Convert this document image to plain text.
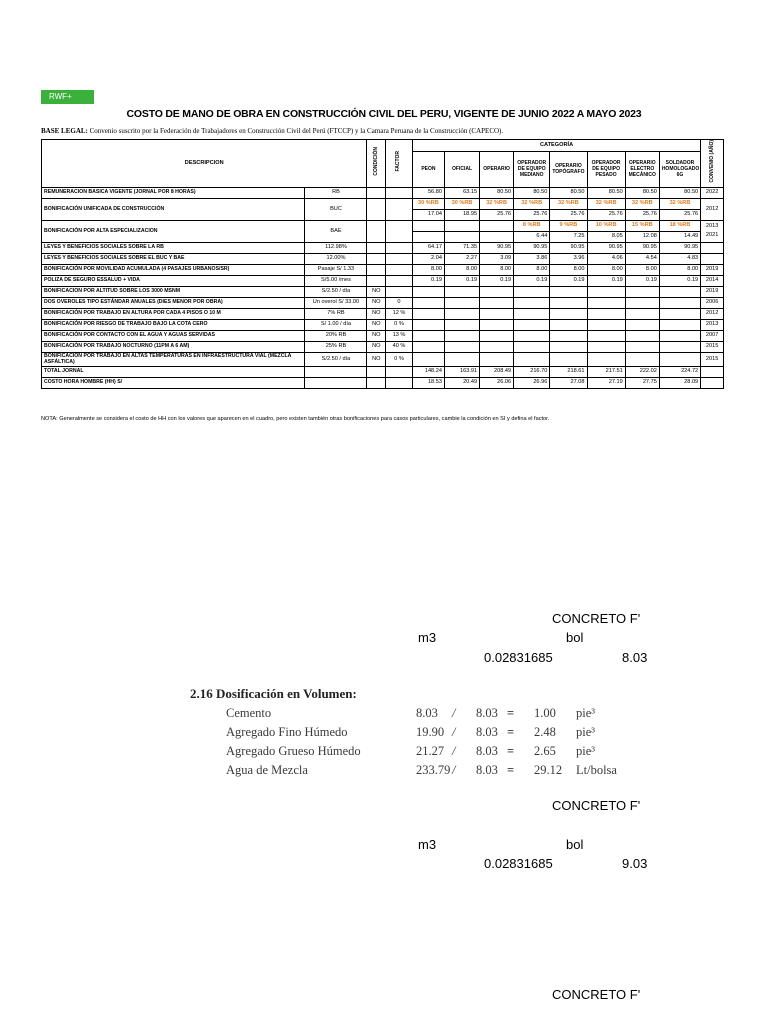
RWF+
COSTO DE MANO DE OBRA EN CONSTRUCCIÓN CIVIL DEL PERU, VIGENTE DE JUNIO 2022 A MAYO 2023
BASE LEGAL: Convenio suscrito por la Federación de Trabajadores en Construcción Civil del Perú (FTCCP) y la Camara Peruana de la Construcción (CAPECO).
DESCRIPCION		CONDICIÓN	FACTOR	CATEGORÍA								CONVENIO (AÑO)
				PEON	OFICIAL	OPERARIO	OPERADOR DE EQUIPO MEDIANO	OPERARIO TOPÓGRAFO	OPERADOR DE EQUIPO PESADO	OPERARIO ELECTRO MECÁNICO	SOLDADOR HOMOLOGADO 6G	
REMUNERACION BASICA VIGENTE (JORNAL POR 8 HORAS)	RB			56.80	63.15	80.50	80.50	80.50	80.50	80.50	80.50	2022
BONIFICACIÓN UNIFICADA DE CONSTRUCCIÓN	BUC			30 %RB	30 %RB	32 %RB	32 %RB	32 %RB	32 %RB	32 %RB	32 %RB	2012
				17.04	18.95	25.76	25.76	25.76	25.76	25.76	25.76	
BONIFICACIÓN POR ALTA ESPECIALIZACION	BAE						8 %RB	9 %RB	10 %RB	15 %RB	18 %RB	2013 2021
							6.44	7.25	8.05	12.08	14.49	
LEYES Y BENEFICIOS SOCIALES SOBRE LA RB	112.98%			64.17	71.35	90.95	90.95	90.95	90.95	90.95	90.95	
LEYES Y BENEFICIOS SOCIALES SOBRE EL BUC Y BAE	12.00%			2.04	2.27	3.09	3.86	3.96	4.06	4.54	4.83	
BONIFICACIÓN POR MOVILIDAD ACUMULADA (4 PASAJES URBANOS/SR)	Pasaje S/ 1.33			8.00	8.00	8.00	8.00	8.00	8.00	8.00	8.00	2019
POLIZA DE SEGURO ESSALUD + VIDA	S/5.00 /mes			0.19	0.19	0.19	0.19	0.19	0.19	0.19	0.19	2014
BONIFICACION POR ALTITUD SOBRE LOS 3000 MSNM	S/2.50 / día	NO										2019
DOS OVEROLES TIPO ESTÁNDAR ANUALES (DIES MENOR POR OBRA)	Un overol S/ 33.00	NO	0									2006
BONIFICACIÓN POR TRABAJO EN ALTURA POR CADA 4 PISOS O 10 M	7% RB	NO	12 %									2012
BONIFICACIÓN POR RIESGO DE TRABAJO BAJO LA COTA CERO	S/ 1.00 / día	NO	0 %									2013
BONIFICACIÓN POR CONTACTO CON EL AGUA Y AGUAS SERVIDAS	20% RB	NO	13 %									2007
BONIFICACIÓN POR TRABAJO NOCTURNO (11PM A 6 AM)	25% RB	NO	40 %									2015
BONIFICACIÓN POR TRABAJO EN ALTAS TEMPERATURAS EN INFRAESTRUCTURA VIAL (MEZCLA ASFÁLTICA)	S/2.50 / día	NO	0 %									2015
TOTAL JORNAL				148.24	163.91	208.49	216.70	218.61	217.51	222.02	224.72	
COSTO HORA HOMBRE (HH) S/				18.53	20.49	26.06	26.96	27.08	27.19	27.75	28.09	
NOTA: Generalmente se considera el costo de HH con los valores que aparecen en el cuadro, pero existen también otras bonificaciones para casos particulares, cambie la condición en SI y defina el factor.
CONCRETO F'
m3	bol
0.02831685	8.03
2.16 Dosificación en Volumen:
Cemento	8.03 / 8.03 = 1.00 pie³
Agregado Fino Húmedo	19.90 / 8.03 = 2.48 pie³
Agregado Grueso Húmedo	21.27 / 8.03 = 2.65 pie³
Agua de Mezcla	233.79 / 8.03 = 29.12 Lt/bolsa
CONCRETO F'
m3	bol
0.02831685	9.03
CONCRETO F'
